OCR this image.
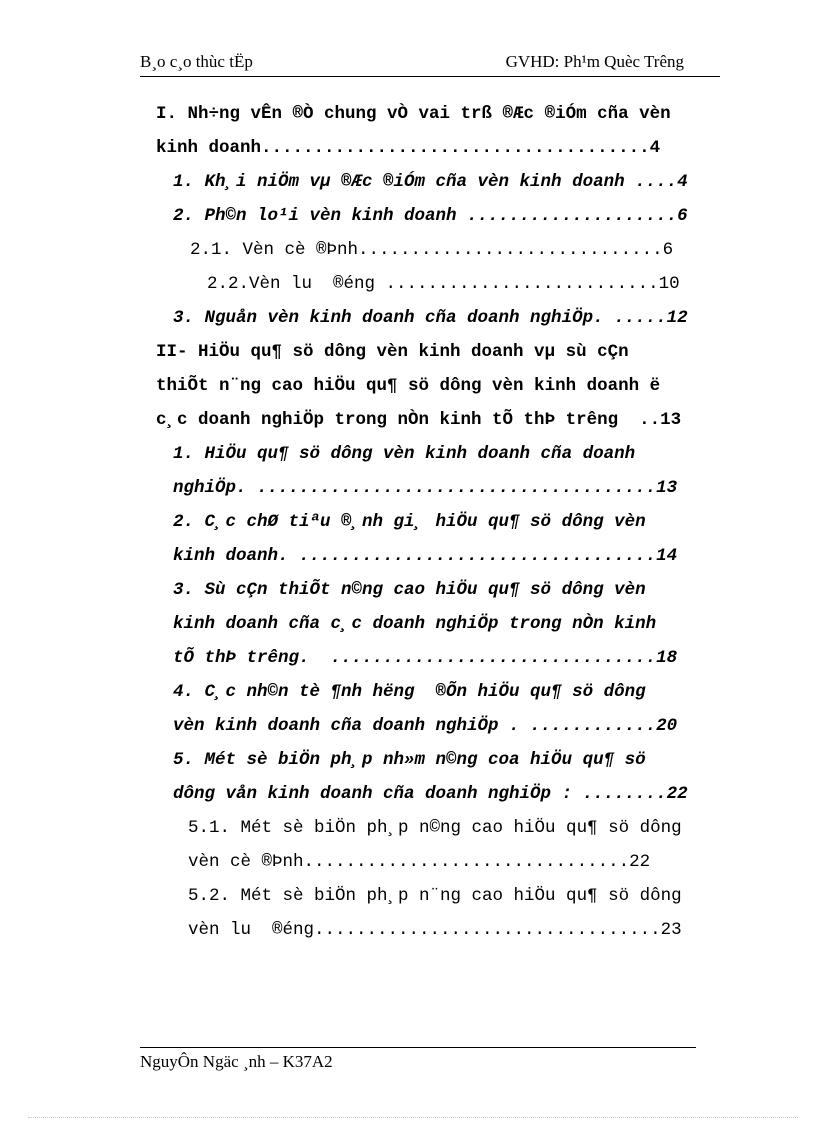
B¸o c¸o thùc tËp	GVHD: Ph¹m Quèc Trêng
I. Nh÷ng vÊn ®Ò chung vÒ vai trß ®Æc ®iÓm cña vèn
kinh doanh.....................................4
1. Kh¸i niÖm vµ ®Æc ®iÓm cña vèn kinh doanh ....4
2. Ph©n lo¹i vèn kinh doanh ....................6
2.1. Vèn cè ®Þnh.............................6
2.2.Vèn lu  ®éng ..........................10
3. Nguån vèn kinh doanh cña doanh nghiÖp. .....12
II- HiÖu qu¶ sö dông vèn kinh doanh vµ sù cÇn
thiÕt n¨ng cao hiÖu qu¶ sö dông vèn kinh doanh ë
c¸c doanh nghiÖp trong nÒn kinh tÕ thÞ trêng  ..13
1. HiÖu qu¶ sö dông vèn kinh doanh cña doanh
nghiÖp. ......................................13
2. C¸c chØ tiªu ®¸nh gi¸ hiÖu qu¶ sö dông vèn
kinh doanh. ..................................14
3. Sù cÇn thiÕt n©ng cao hiÖu qu¶ sö dông vèn
kinh doanh cña c¸c doanh nghiÖp trong nÒn kinh
tÕ thÞ trêng.  ...............................18
4. C¸c nh©n tè ¶nh hëng  ®Õn hiÖu qu¶ sö dông
vèn kinh doanh cña doanh nghiÖp . ............20
5. Mét sè biÖn ph¸p nh»m n©ng coa hiÖu qu¶ sö
dông vån kinh doanh cña doanh nghiÖp : ........22
5.1. Mét sè biÖn ph¸p n©ng cao hiÖu qu¶ sö dông
vèn cè ®Þnh...............................22
5.2. Mét sè biÖn ph¸p n¨ng cao hiÖu qu¶ sö dông
vèn lu  ®éng.................................23
NguyÔn Ngäc ¸nh – K37A2
